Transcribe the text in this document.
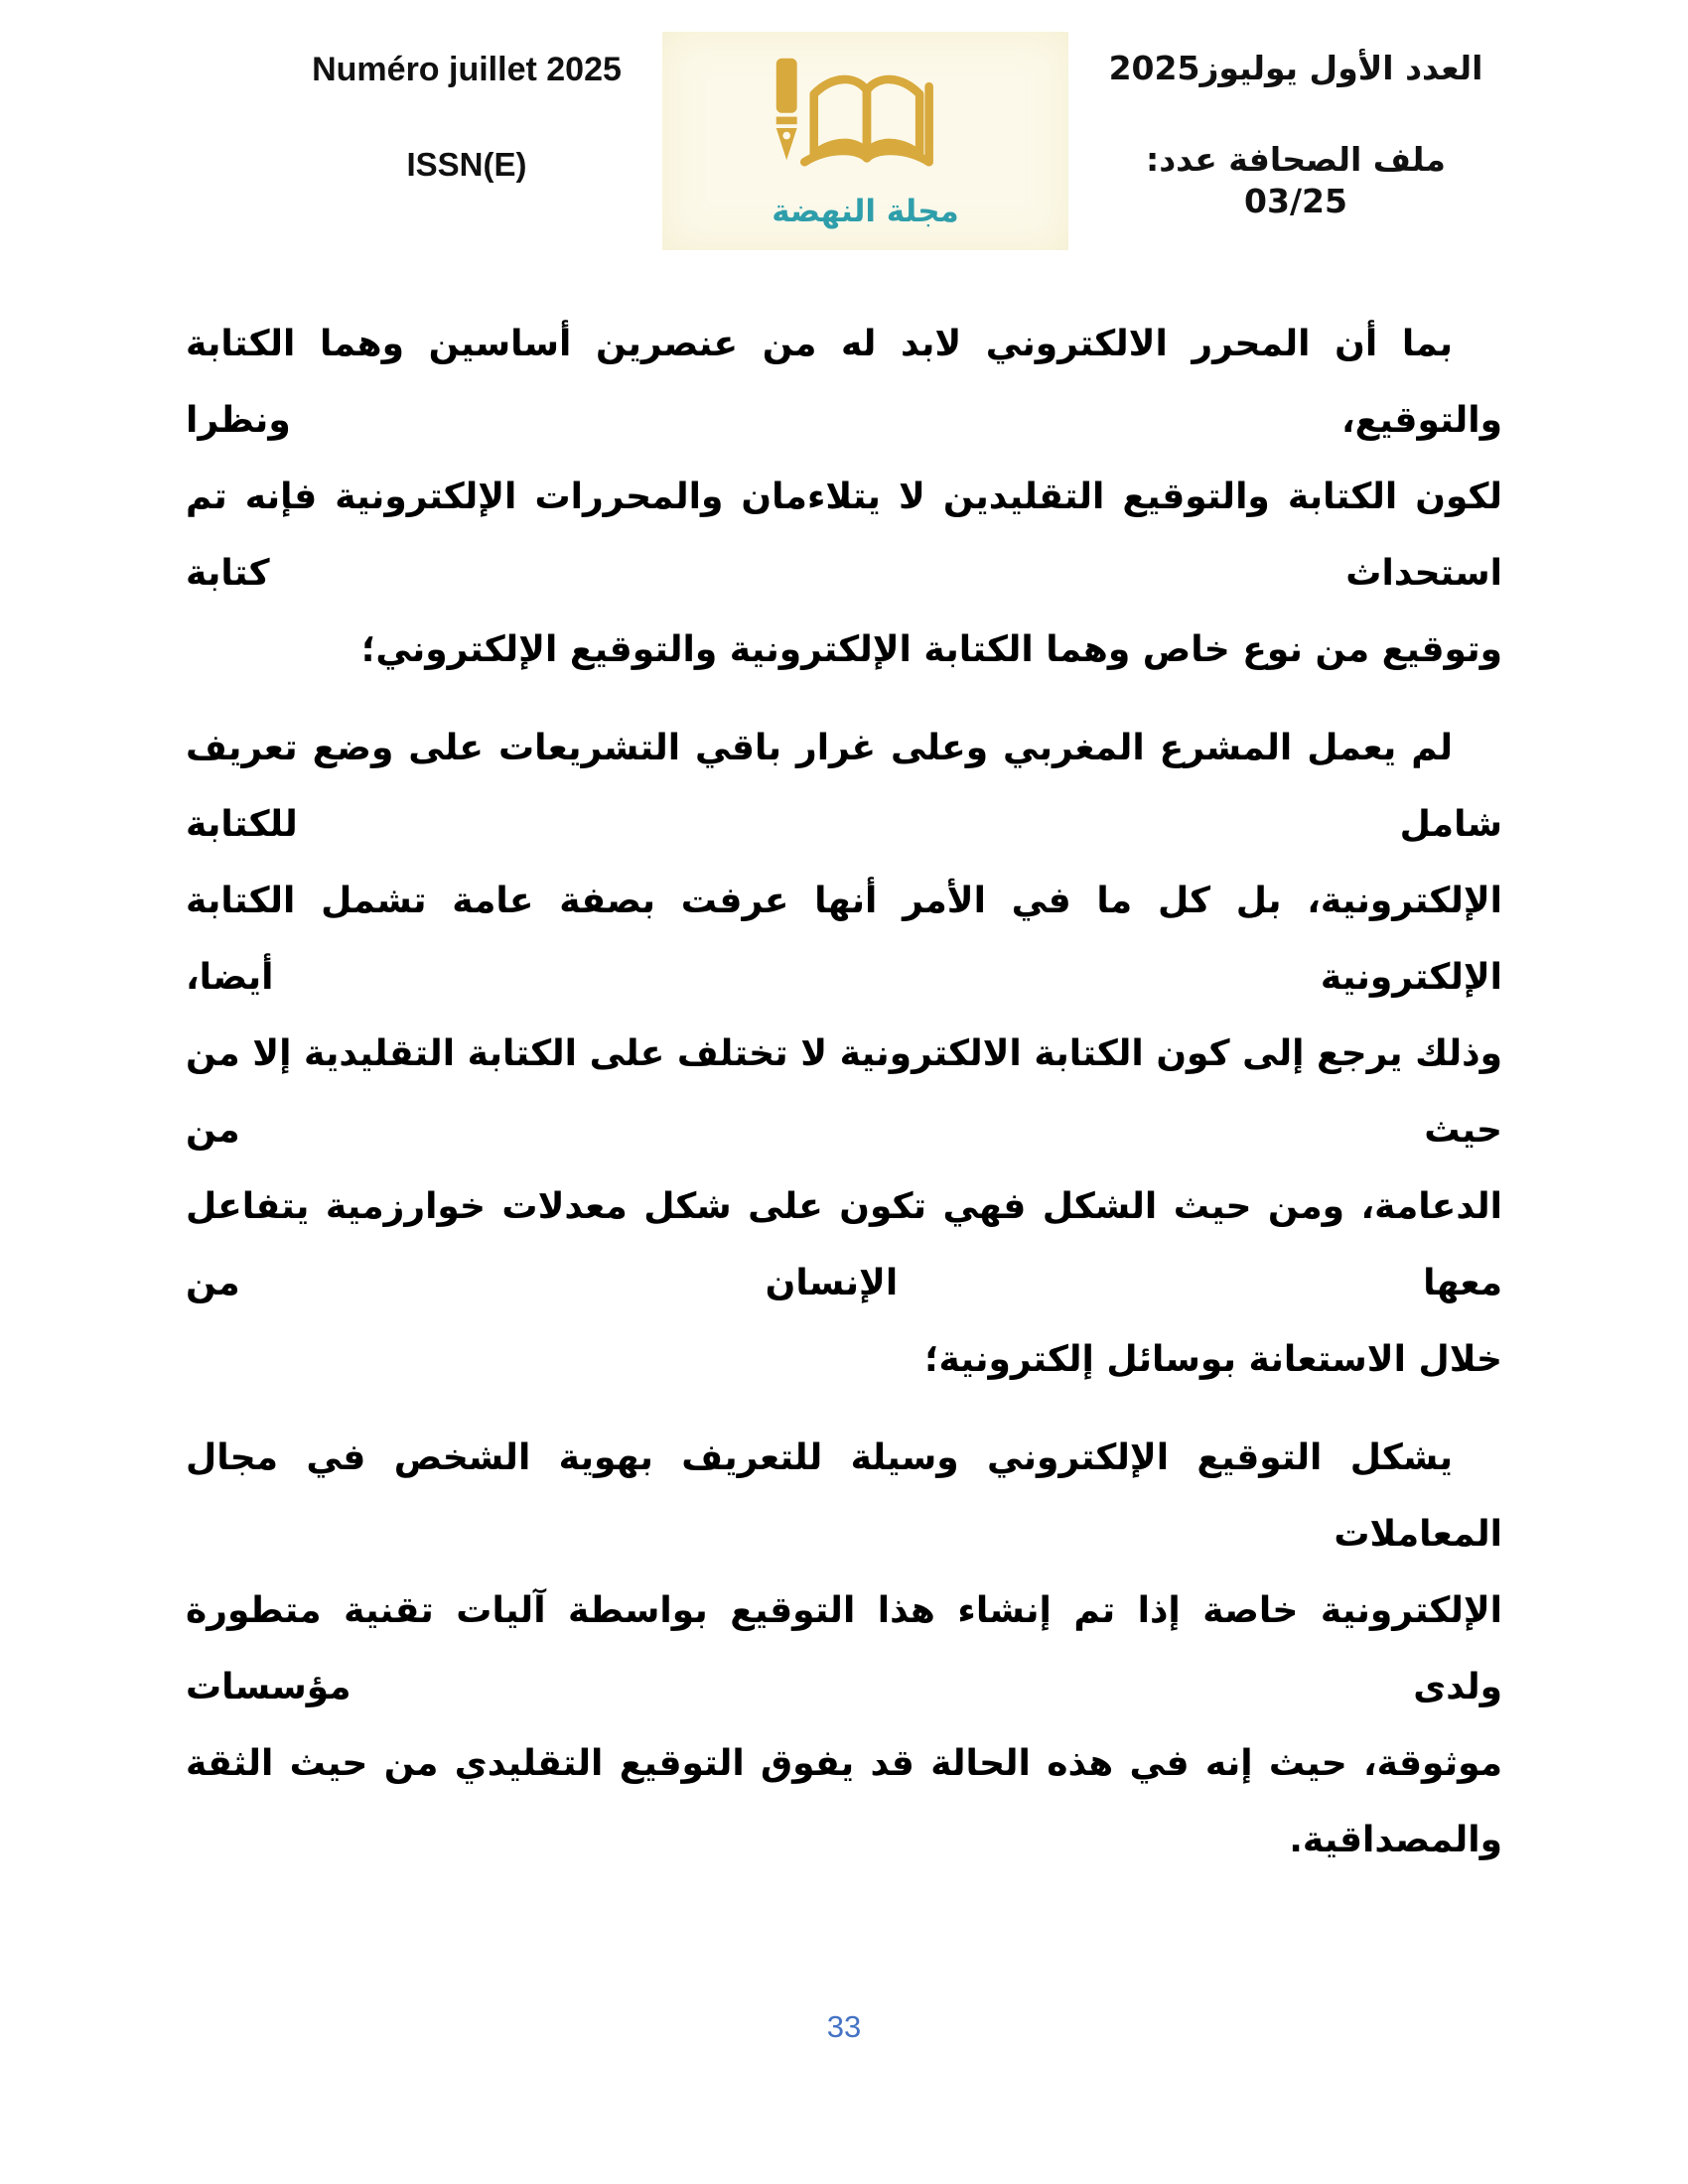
Numéro juillet 2025
ISSN(E)
مجلة النهضة
العدد الأول يوليوز2025
ملف الصحافة عدد: 03/25
بما أن المحرر الالكتروني لابد له من عنصرين أساسين وهما الكتابة والتوقيع، ونظرا
لكون الكتابة والتوقيع التقليدين لا يتلاءمان والمحررات الإلكترونية فإنه تم استحداث كتابة
وتوقيع من نوع خاص وهما الكتابة الإلكترونية والتوقيع الإلكتروني؛
لم يعمل المشرع المغربي وعلى غرار باقي التشريعات على وضع تعريف شامل للكتابة
الإلكترونية، بل كل ما في الأمر أنها عرفت بصفة عامة تشمل الكتابة الإلكترونية أيضا،
وذلك يرجع إلى كون الكتابة الالكترونية لا تختلف على الكتابة التقليدية إلا من حيث من
الدعامة، ومن حيث الشكل فهي تكون على شكل معدلات خوارزمية يتفاعل معها الإنسان من
خلال الاستعانة بوسائل إلكترونية؛
يشكل التوقيع الإلكتروني وسيلة للتعريف بهوية الشخص في مجال المعاملات
الإلكترونية خاصة إذا تم إنشاء هذا التوقيع بواسطة آليات تقنية متطورة ولدى مؤسسات
موثوقة، حيث إنه في هذه الحالة قد يفوق التوقيع التقليدي من حيث الثقة والمصداقية.
33
